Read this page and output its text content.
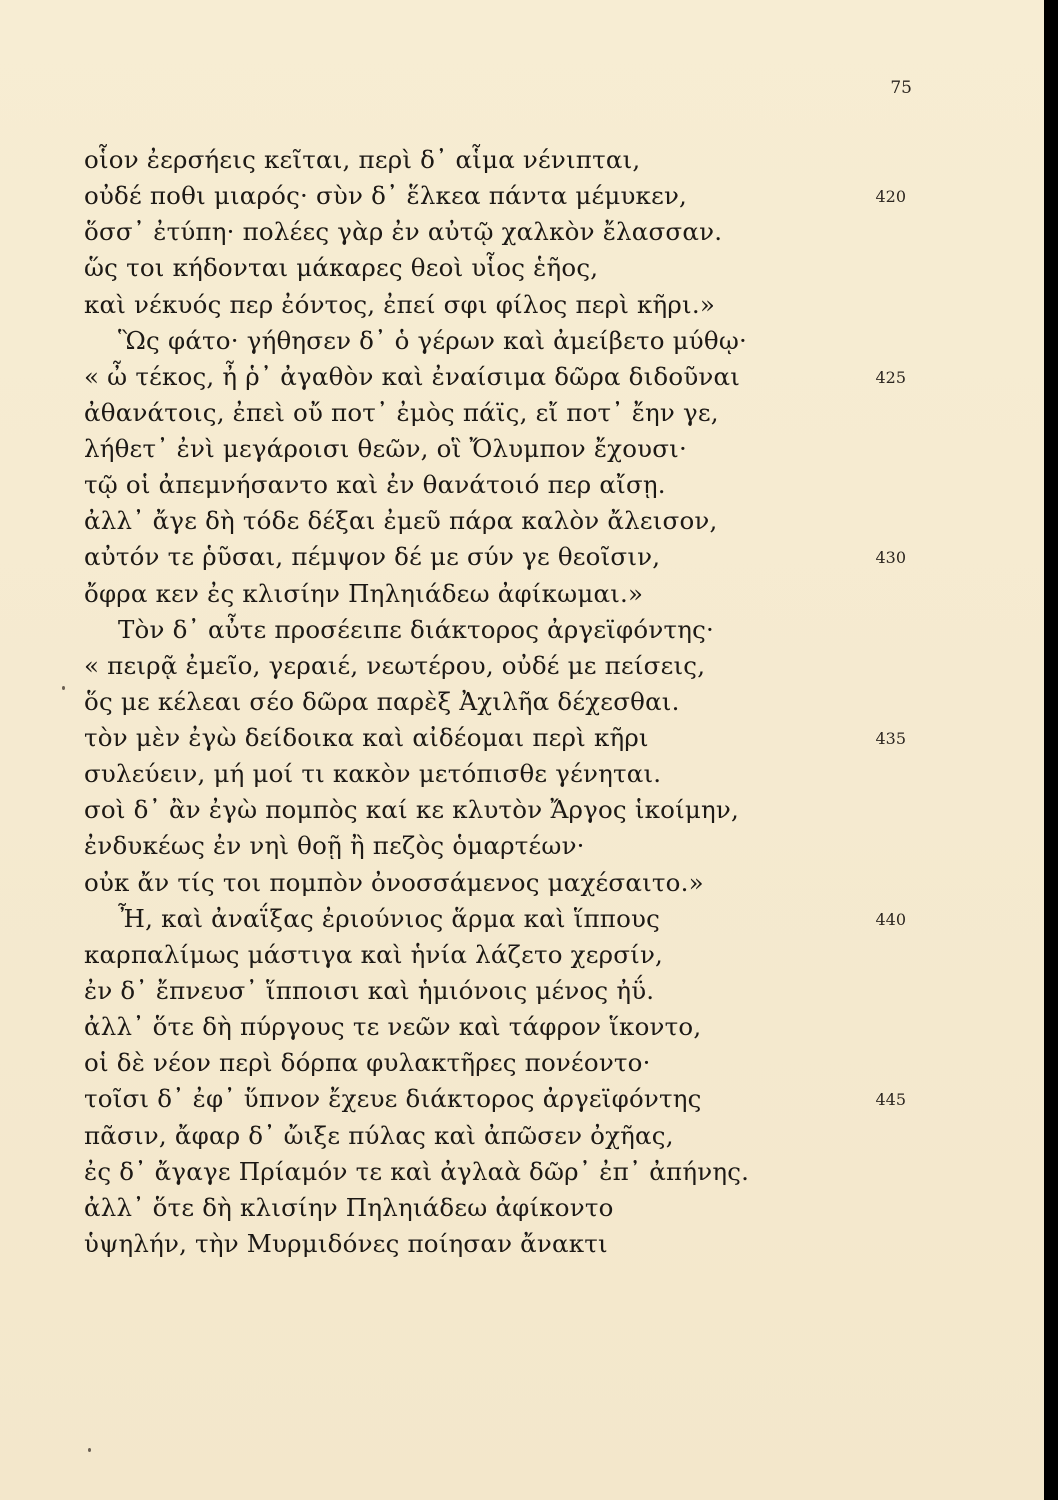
75
οἷον ἐερσήεις κεῖται, περὶ δ᾽ αἷμα νένιπται,
οὐδέ ποθι μιαρός· σὺν δ᾽ ἕλκεα πάντα μέμυκεν,	420
ὅσσ᾽ ἐτύπη· πολέες γὰρ ἐν αὐτῷ χαλκὸν ἔλασσαν.
ὥς τοι κήδονται μάκαρες θεοὶ υἷος ἑῆος,
καὶ νέκυός περ ἐόντος, ἐπεί σφι φίλος περὶ κῆρι.»
Ὣς φάτο· γήθησεν δ᾽ ὁ γέρων καὶ ἀμείβετο μύθῳ·
« ὦ τέκος, ἦ ῥ᾽ ἀγαθὸν καὶ ἐναίσιμα δῶρα διδοῦναι	425
ἀθανάτοις, ἐπεὶ οὔ ποτ᾽ ἐμὸς πάϊς, εἴ ποτ᾽ ἔην γε,
λήθετ᾽ ἐνὶ μεγάροισι θεῶν, οἳ Ὄλυμπον ἔχουσι·
τῷ οἱ ἀπεμνήσαντο καὶ ἐν θανάτοιό περ αἴσῃ.
ἀλλ᾽ ἄγε δὴ τόδε δέξαι ἐμεῦ πάρα καλὸν ἄλεισον,
αὐτόν τε ῥῦσαι, πέμψον δέ με σύν γε θεοῖσιν,	430
ὄφρα κεν ἐς κλισίην Πηληιάδεω ἀφίκωμαι.»
Τὸν δ᾽ αὖτε προσέειπε διάκτορος ἀργεϊφόντης·
« πειρᾷ ἐμεῖο, γεραιέ, νεωτέρου, οὐδέ με πείσεις,
ὅς με κέλεαι σέο δῶρα παρὲξ Ἀχιλῆα δέχεσθαι.
τὸν μὲν ἐγὼ δείδοικα καὶ αἰδέομαι περὶ κῆρι	435
συλεύειν, μή μοί τι κακὸν μετόπισθε γένηται.
σοὶ δ᾽ ἂν ἐγὼ πομπὸς καί κε κλυτὸν Ἄργος ἱκοίμην,
ἐνδυκέως ἐν νηὶ θοῇ ἢ πεζὸς ὁμαρτέων·
οὐκ ἄν τίς τοι πομπὸν ὀνοσσάμενος μαχέσαιτο.»
Ἦ, καὶ ἀναΐξας ἐριούνιος ἅρμα καὶ ἵππους	440
καρπαλίμως μάστιγα καὶ ἡνία λάζετο χερσίν,
ἐν δ᾽ ἔπνευσ᾽ ἵπποισι καὶ ἡμιόνοις μένος ἠΰ.
ἀλλ᾽ ὅτε δὴ πύργους τε νεῶν καὶ τάφρον ἵκοντο,
οἱ δὲ νέον περὶ δόρπα φυλακτῆρες πονέοντο·
τοῖσι δ᾽ ἐφ᾽ ὕπνον ἔχευε διάκτορος ἀργεϊφόντης	445
πᾶσιν, ἄφαρ δ᾽ ὤιξε πύλας καὶ ἀπῶσεν ὀχῆας,
ἐς δ᾽ ἄγαγε Πρίαμόν τε καὶ ἀγλαὰ δῶρ᾽ ἐπ᾽ ἀπήνης.
ἀλλ᾽ ὅτε δὴ κλισίην Πηληιάδεω ἀφίκοντο
ὑψηλήν, τὴν Μυρμιδόνες ποίησαν ἄνακτι
